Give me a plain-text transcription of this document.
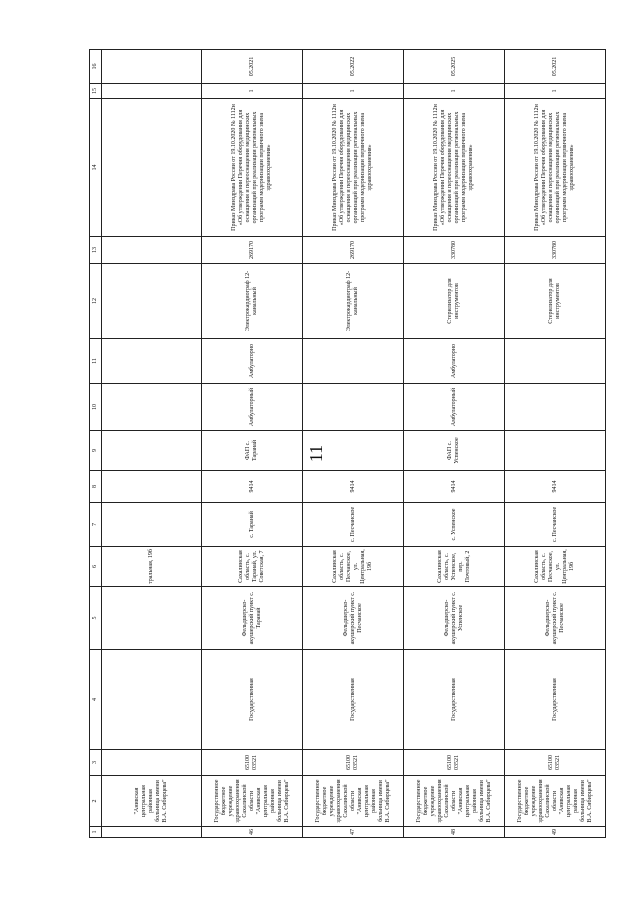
11
1	2	3	4	5	6	7	8	9	10	11	12	13	14	15	16
	"Анивская центральная районная больница имени В.А. Сибирцева"				тральная, 19б										
46	Государственное бюджетное учреждение здравоохранения Сахалинской области "Анивская центральная районная больница имени В.А. Сибирцева"	65100 03521	Государственная	Фельдшерско-акушерский пункт с. Таранай	Сахалинская область, с. Таранай, ул. Советская, 7	с. Таранай	9414	ФАП с. Таранай	Амбулаторный	Амбулаторно	Электрокардиограф 12-канальный	269170	Приказ Минздрава России от 19.10.2020 № 1112н «Об утверждении Перечня оборудования для оснащения и переоснащения медицинских организаций при реализации региональных программ модернизации первичного звена здравоохранения»	1	05.2021
47	Государственное бюджетное учреждение здравоохранения Сахалинской области "Анивская центральная районная больница имени В.А. Сибирцева"	65100 03521	Государственная	Фельдшерско-акушерский пункт с. Песчанское	Сахалинская область, с. Песчанское, ул. Центральная, 19б	с. Песчанское	9414				Электрокардиограф 12-канальный	269170	Приказ Минздрава России от 19.10.2020 № 1112н «Об утверждении Перечня оборудования для оснащения и переоснащения медицинских организаций при реализации региональных программ модернизации первичного звена здравоохранения»	1	05.2022
48	Государственное бюджетное учреждение здравоохранения Сахалинской области "Анивская центральная районная больница имени В.А. Сибирцева"	65100 03521	Государственная	Фельдшерско-акушерский пункт с. Успенское	Сахалинская область, с. Успенское, пер. Почтовый, 2	с. Успенское	9414	ФАП с. Успенское	Амбулаторный	Амбулаторно	Стерилизатор для инструментов	330780	Приказ Минздрава России от 19.10.2020 № 1112н «Об утверждении Перечня оборудования для оснащения и переоснащения медицинских организаций при реализации региональных программ модернизации первичного звена здравоохранения»	1	05.2025
49	Государственное бюджетное учреждение здравоохранения Сахалинской области "Анивская центральная районная больница имени В.А. Сибирцева"	65100 03521	Государственная	Фельдшерско-акушерский пункт с. Песчанское	Сахалинская область, с. Песчанское, ул. Центральная, 19б	с. Песчанское	9414				Стерилизатор для инструментов	330780	Приказ Минздрава России от 19.10.2020 № 1112н «Об утверждении Перечня оборудования для оснащения и переоснащения медицинских организаций при реализации региональных программ модернизации первичного звена здравоохранения»	1	05.2021
